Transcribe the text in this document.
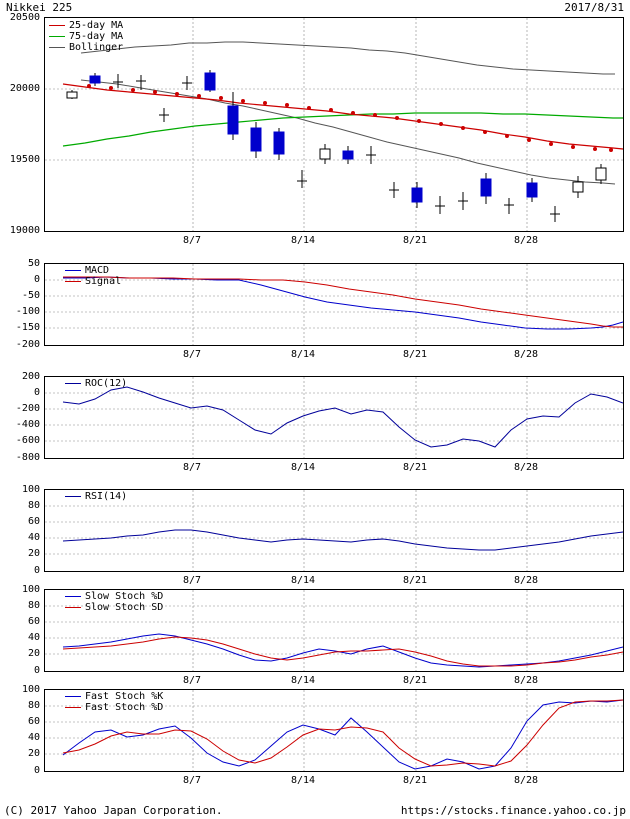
Nikkei 225	2017/8/31
25-day MA
75-day MA
Bollinger
20500
20000
19500
19000
8/7	8/14	8/21	8/28
MACD
Signal
50
0
-50
-100
-150
-200
8/7	8/14	8/21	8/28
ROC(12)
200
0
-200
-400
-600
-800
8/7	8/14	8/21	8/28
RSI(14)
100
80
60
40
20
0
8/7	8/14	8/21	8/28
Slow Stoch %D
Slow Stoch SD
100
80
60
40
20
0
8/7	8/14	8/21	8/28
Fast Stoch %K
Fast Stoch %D
100
80
60
40
20
0
8/7	8/14	8/21	8/28
(C) 2017 Yahoo Japan Corporation.	https://stocks.finance.yahoo.co.jp
